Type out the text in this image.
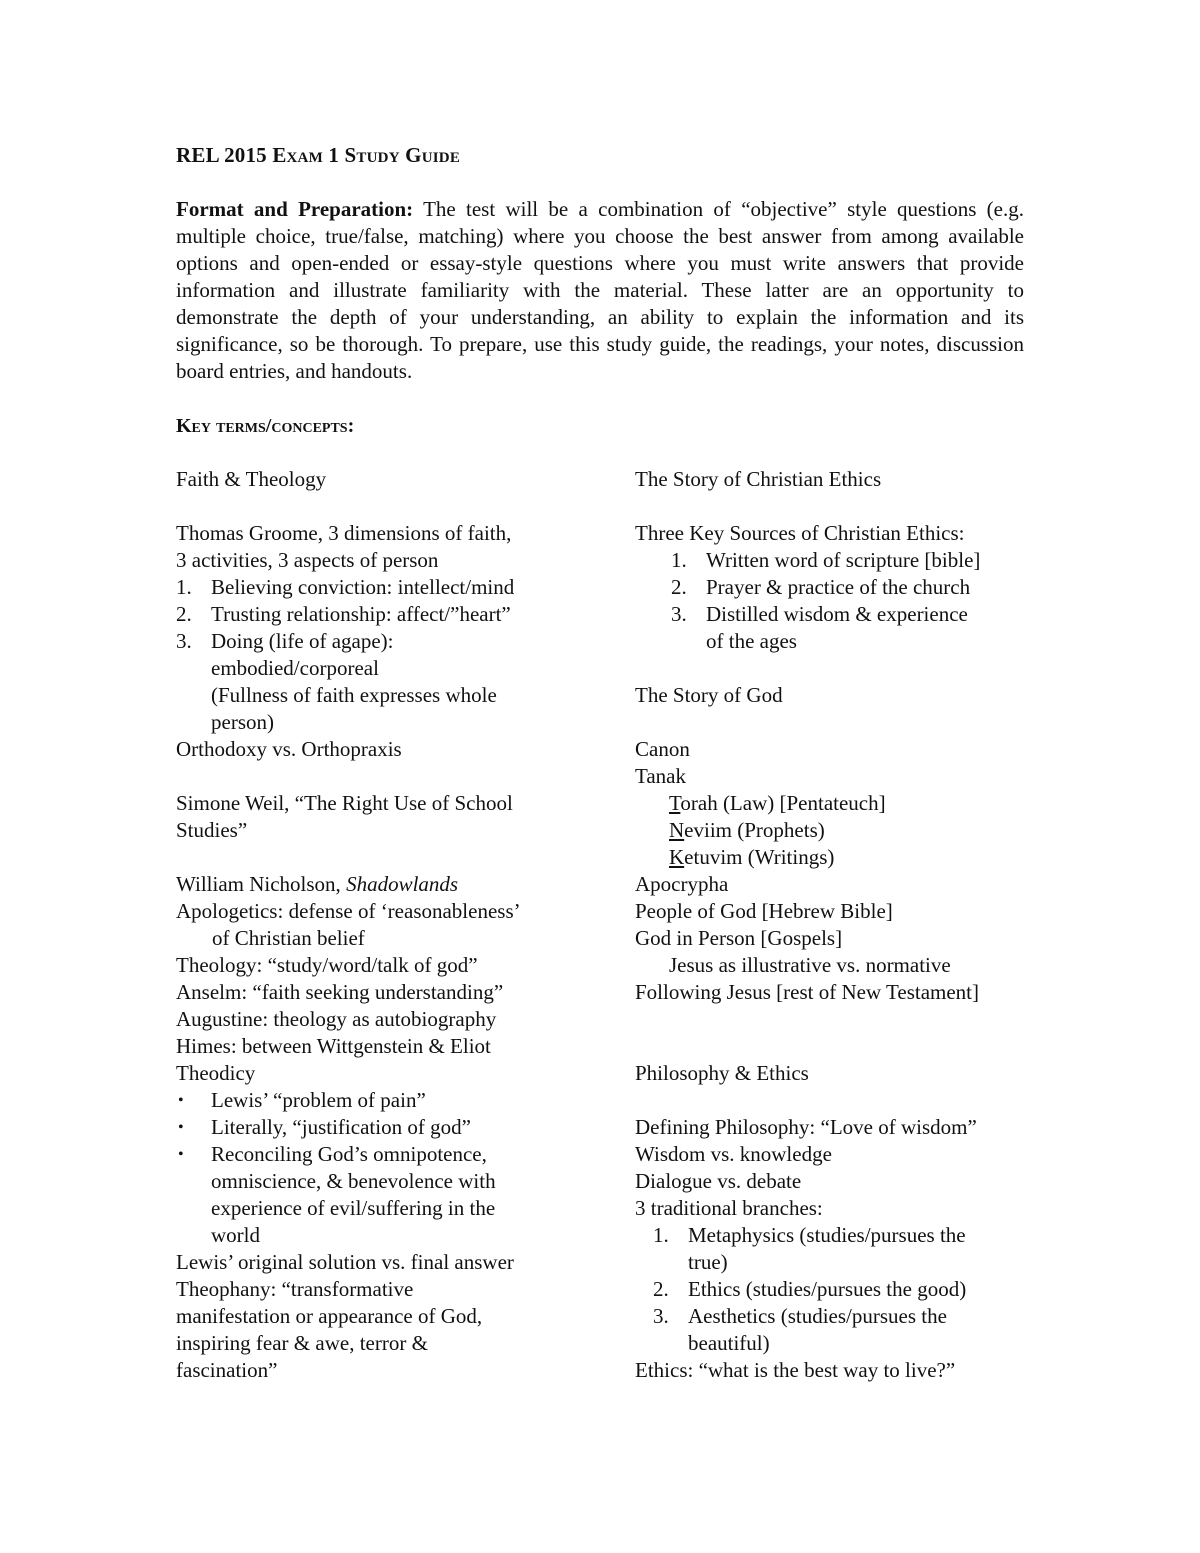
REL 2015 Exam 1 Study Guide

Format and Preparation: The test will be a combination of “objective” style questions (e.g. multiple choice, true/false, matching) where you choose the best answer from among available options and open-ended or essay-style questions where you must write answers that provide information and illustrate familiarity with the material. These latter are an opportunity to demonstrate the depth of your understanding, an ability to explain the information and its significance, so be thorough. To prepare, use this study guide, the readings, your notes, discussion board entries, and handouts.

Key terms/concepts:
Faith & Theology
Thomas Groome, 3 dimensions of faith,
3 activities, 3 aspects of person
1. Believing conviction: intellect/mind
2. Trusting relationship: affect/”heart”
3. Doing (life of agape):
embodied/corporeal
(Fullness of faith expresses whole
person)
Orthodoxy vs. Orthopraxis
Simone Weil, “The Right Use of School
Studies”
William Nicholson, Shadowlands
Apologetics: defense of ‘reasonableness’
of Christian belief
Theology: “study/word/talk of god”
Anselm: “faith seeking understanding”
Augustine: theology as autobiography
Himes: between Wittgenstein & Eliot
Theodicy
• Lewis’ “problem of pain”
• Literally, “justification of god”
• Reconciling God’s omnipotence,
omniscience, & benevolence with
experience of evil/suffering in the
world
Lewis’ original solution vs. final answer
Theophany: “transformative
manifestation or appearance of God,
inspiring fear & awe, terror &
fascination”
The Story of Christian Ethics
Three Key Sources of Christian Ethics:
1. Written word of scripture [bible]
2. Prayer & practice of the church
3. Distilled wisdom & experience
of the ages
The Story of God
Canon
Tanak
Torah (Law) [Pentateuch]
Neviim (Prophets)
Ketuvim (Writings)
Apocrypha
People of God [Hebrew Bible]
God in Person [Gospels]
Jesus as illustrative vs. normative
Following Jesus [rest of New Testament]
Philosophy & Ethics
Defining Philosophy: “Love of wisdom”
Wisdom vs. knowledge
Dialogue vs. debate
3 traditional branches:
1. Metaphysics (studies/pursues the
true)
2. Ethics (studies/pursues the good)
3. Aesthetics (studies/pursues the
beautiful)
Ethics: “what is the best way to live?”
